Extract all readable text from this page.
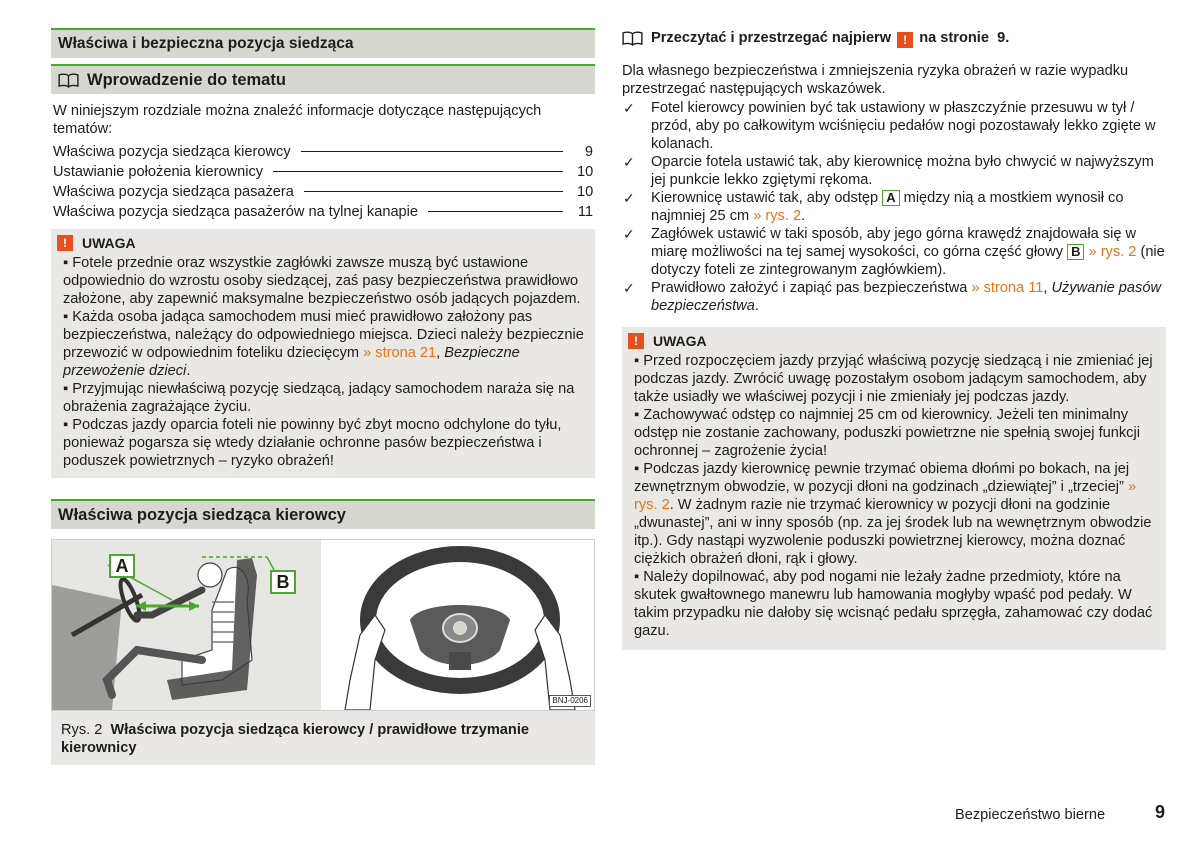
Właściwa i bezpieczna pozycja siedząca
Wprowadzenie do tematu

W niniejszym rozdziale można znaleźć informacje dotyczące następujących tematów:

Właściwa pozycja siedząca kierowcy	9
Ustawianie położenia kierownicy	10
Właściwa pozycja siedząca pasażera	10
Właściwa pozycja siedząca pasażerów na tylnej kanapie	11
!	UWAGA

▪ Fotele przednie oraz wszystkie zagłówki zawsze muszą być ustawione odpowiednio do wzrostu osoby siedzącej, zaś pasy bezpieczeństwa prawidłowo założone, aby zapewnić maksymalne bezpieczeństwo osób jadących pojazdem.

▪ Każda osoba jadąca samochodem musi mieć prawidłowo założony pas bezpieczeństwa, należący do odpowiedniego miejsca. Dzieci należy bezpiecznie przewozić w odpowiednim foteliku dziecięcym » strona 21, Bezpieczne przewożenie dzieci.

▪ Przyjmując niewłaściwą pozycję siedzącą, jadący samochodem naraża się na obrażenia zagrażające życiu.

▪ Podczas jazdy oparcia foteli nie powinny być zbyt mocno odchylone do tyłu, ponieważ pogarsza się wtedy działanie ochronne pasów bezpieczeństwa i poduszek powietrznych – ryzyko obrażeń!

Właściwa pozycja siedząca kierowcy
A
B
BNJ-0206

Rys. 2 Właściwa pozycja siedząca kierowcy / prawidłowe trzymanie kierownicy

Przeczytać i przestrzegać najpierw ! na stronie 9.

Dla własnego bezpieczeństwa i zmniejszenia ryzyka obrażeń w razie wypadku przestrzegać następujących wskazówek.

✓ Fotel kierowcy powinien być tak ustawiony w płaszczyźnie przesuwu w tył / przód, aby po całkowitym wciśnięciu pedałów nogi pozostawały lekko zgięte w kolanach.
✓ Oparcie fotela ustawić tak, aby kierownicę można było chwycić w najwyższym jej punkcie lekko zgiętymi rękoma.
✓ Kierownicę ustawić tak, aby odstęp A między nią a mostkiem wynosił co najmniej 25 cm » rys. 2.
✓ Zagłówek ustawić w taki sposób, aby jego górna krawędź znajdowała się w miarę możliwości na tej samej wysokości, co górna część głowy B » rys. 2 (nie dotyczy foteli ze zintegrowanym zagłówkiem).
✓ Prawidłowo założyć i zapiąć pas bezpieczeństwa » strona 11, Używanie pasów bezpieczeństwa.
!	UWAGA

▪ Przed rozpoczęciem jazdy przyjąć właściwą pozycję siedzącą i nie zmieniać jej podczas jazdy. Zwrócić uwagę pozostałym osobom jadącym samochodem, aby także usiadły we właściwej pozycji i nie zmieniały jej podczas jazdy.

▪ Zachowywać odstęp co najmniej 25 cm od kierownicy. Jeżeli ten minimalny odstęp nie zostanie zachowany, poduszki powietrzne nie spełnią swojej funkcji ochronnej – zagrożenie życia!

▪ Podczas jazdy kierownicę pewnie trzymać obiema dłońmi po bokach, na jej zewnętrznym obwodzie, w pozycji dłoni na godzinach „dziewiątej” i „trzeciej” » rys. 2. W żadnym razie nie trzymać kierownicy w pozycji dłoni na godzinie „dwunastej”, ani w inny sposób (np. za jej środek lub na wewnętrznym obwodzie itp.). Gdy nastąpi wyzwolenie poduszki powietrznej kierowcy, można doznać ciężkich obrażeń dłoni, rąk i głowy.

▪ Należy dopilnować, aby pod nogami nie leżały żadne przedmioty, które na skutek gwałtownego manewru lub hamowania mogłyby wpaść pod pedały. W takim przypadku nie dałoby się wcisnąć pedału sprzęgła, zahamować czy dodać gazu.

Bezpieczeństwo bierne	9
